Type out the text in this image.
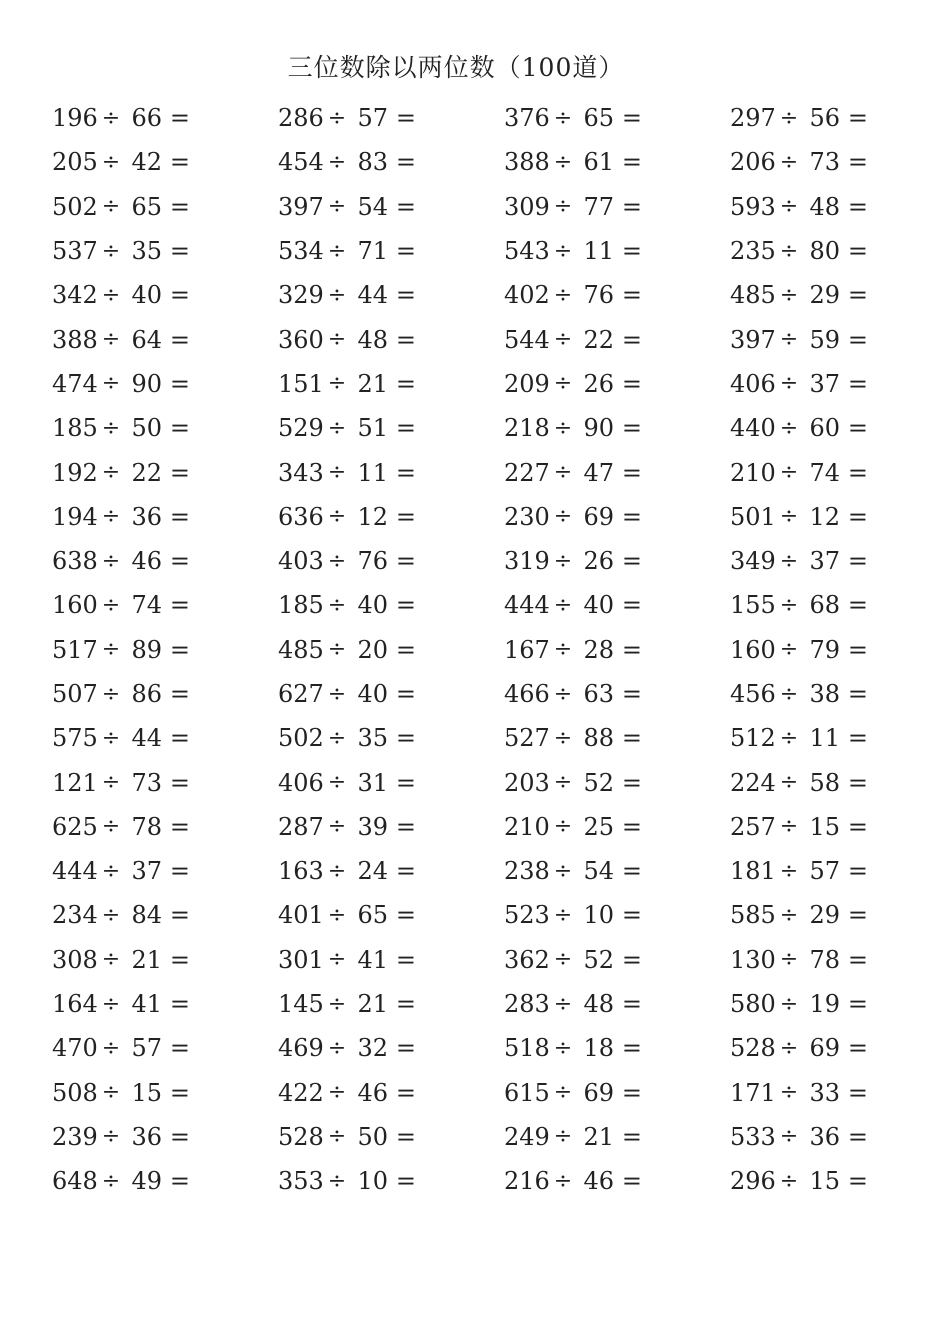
三位数除以两位数（100道）
196 ÷ 66 =	286 ÷ 57 =	376 ÷ 65 =	297 ÷ 56 =
205 ÷ 42 =	454 ÷ 83 =	388 ÷ 61 =	206 ÷ 73 =
502 ÷ 65 =	397 ÷ 54 =	309 ÷ 77 =	593 ÷ 48 =
537 ÷ 35 =	534 ÷ 71 =	543 ÷ 11 =	235 ÷ 80 =
342 ÷ 40 =	329 ÷ 44 =	402 ÷ 76 =	485 ÷ 29 =
388 ÷ 64 =	360 ÷ 48 =	544 ÷ 22 =	397 ÷ 59 =
474 ÷ 90 =	151 ÷ 21 =	209 ÷ 26 =	406 ÷ 37 =
185 ÷ 50 =	529 ÷ 51 =	218 ÷ 90 =	440 ÷ 60 =
192 ÷ 22 =	343 ÷ 11 =	227 ÷ 47 =	210 ÷ 74 =
194 ÷ 36 =	636 ÷ 12 =	230 ÷ 69 =	501 ÷ 12 =
638 ÷ 46 =	403 ÷ 76 =	319 ÷ 26 =	349 ÷ 37 =
160 ÷ 74 =	185 ÷ 40 =	444 ÷ 40 =	155 ÷ 68 =
517 ÷ 89 =	485 ÷ 20 =	167 ÷ 28 =	160 ÷ 79 =
507 ÷ 86 =	627 ÷ 40 =	466 ÷ 63 =	456 ÷ 38 =
575 ÷ 44 =	502 ÷ 35 =	527 ÷ 88 =	512 ÷ 11 =
121 ÷ 73 =	406 ÷ 31 =	203 ÷ 52 =	224 ÷ 58 =
625 ÷ 78 =	287 ÷ 39 =	210 ÷ 25 =	257 ÷ 15 =
444 ÷ 37 =	163 ÷ 24 =	238 ÷ 54 =	181 ÷ 57 =
234 ÷ 84 =	401 ÷ 65 =	523 ÷ 10 =	585 ÷ 29 =
308 ÷ 21 =	301 ÷ 41 =	362 ÷ 52 =	130 ÷ 78 =
164 ÷ 41 =	145 ÷ 21 =	283 ÷ 48 =	580 ÷ 19 =
470 ÷ 57 =	469 ÷ 32 =	518 ÷ 18 =	528 ÷ 69 =
508 ÷ 15 =	422 ÷ 46 =	615 ÷ 69 =	171 ÷ 33 =
239 ÷ 36 =	528 ÷ 50 =	249 ÷ 21 =	533 ÷ 36 =
648 ÷ 49 =	353 ÷ 10 =	216 ÷ 46 =	296 ÷ 15 =
